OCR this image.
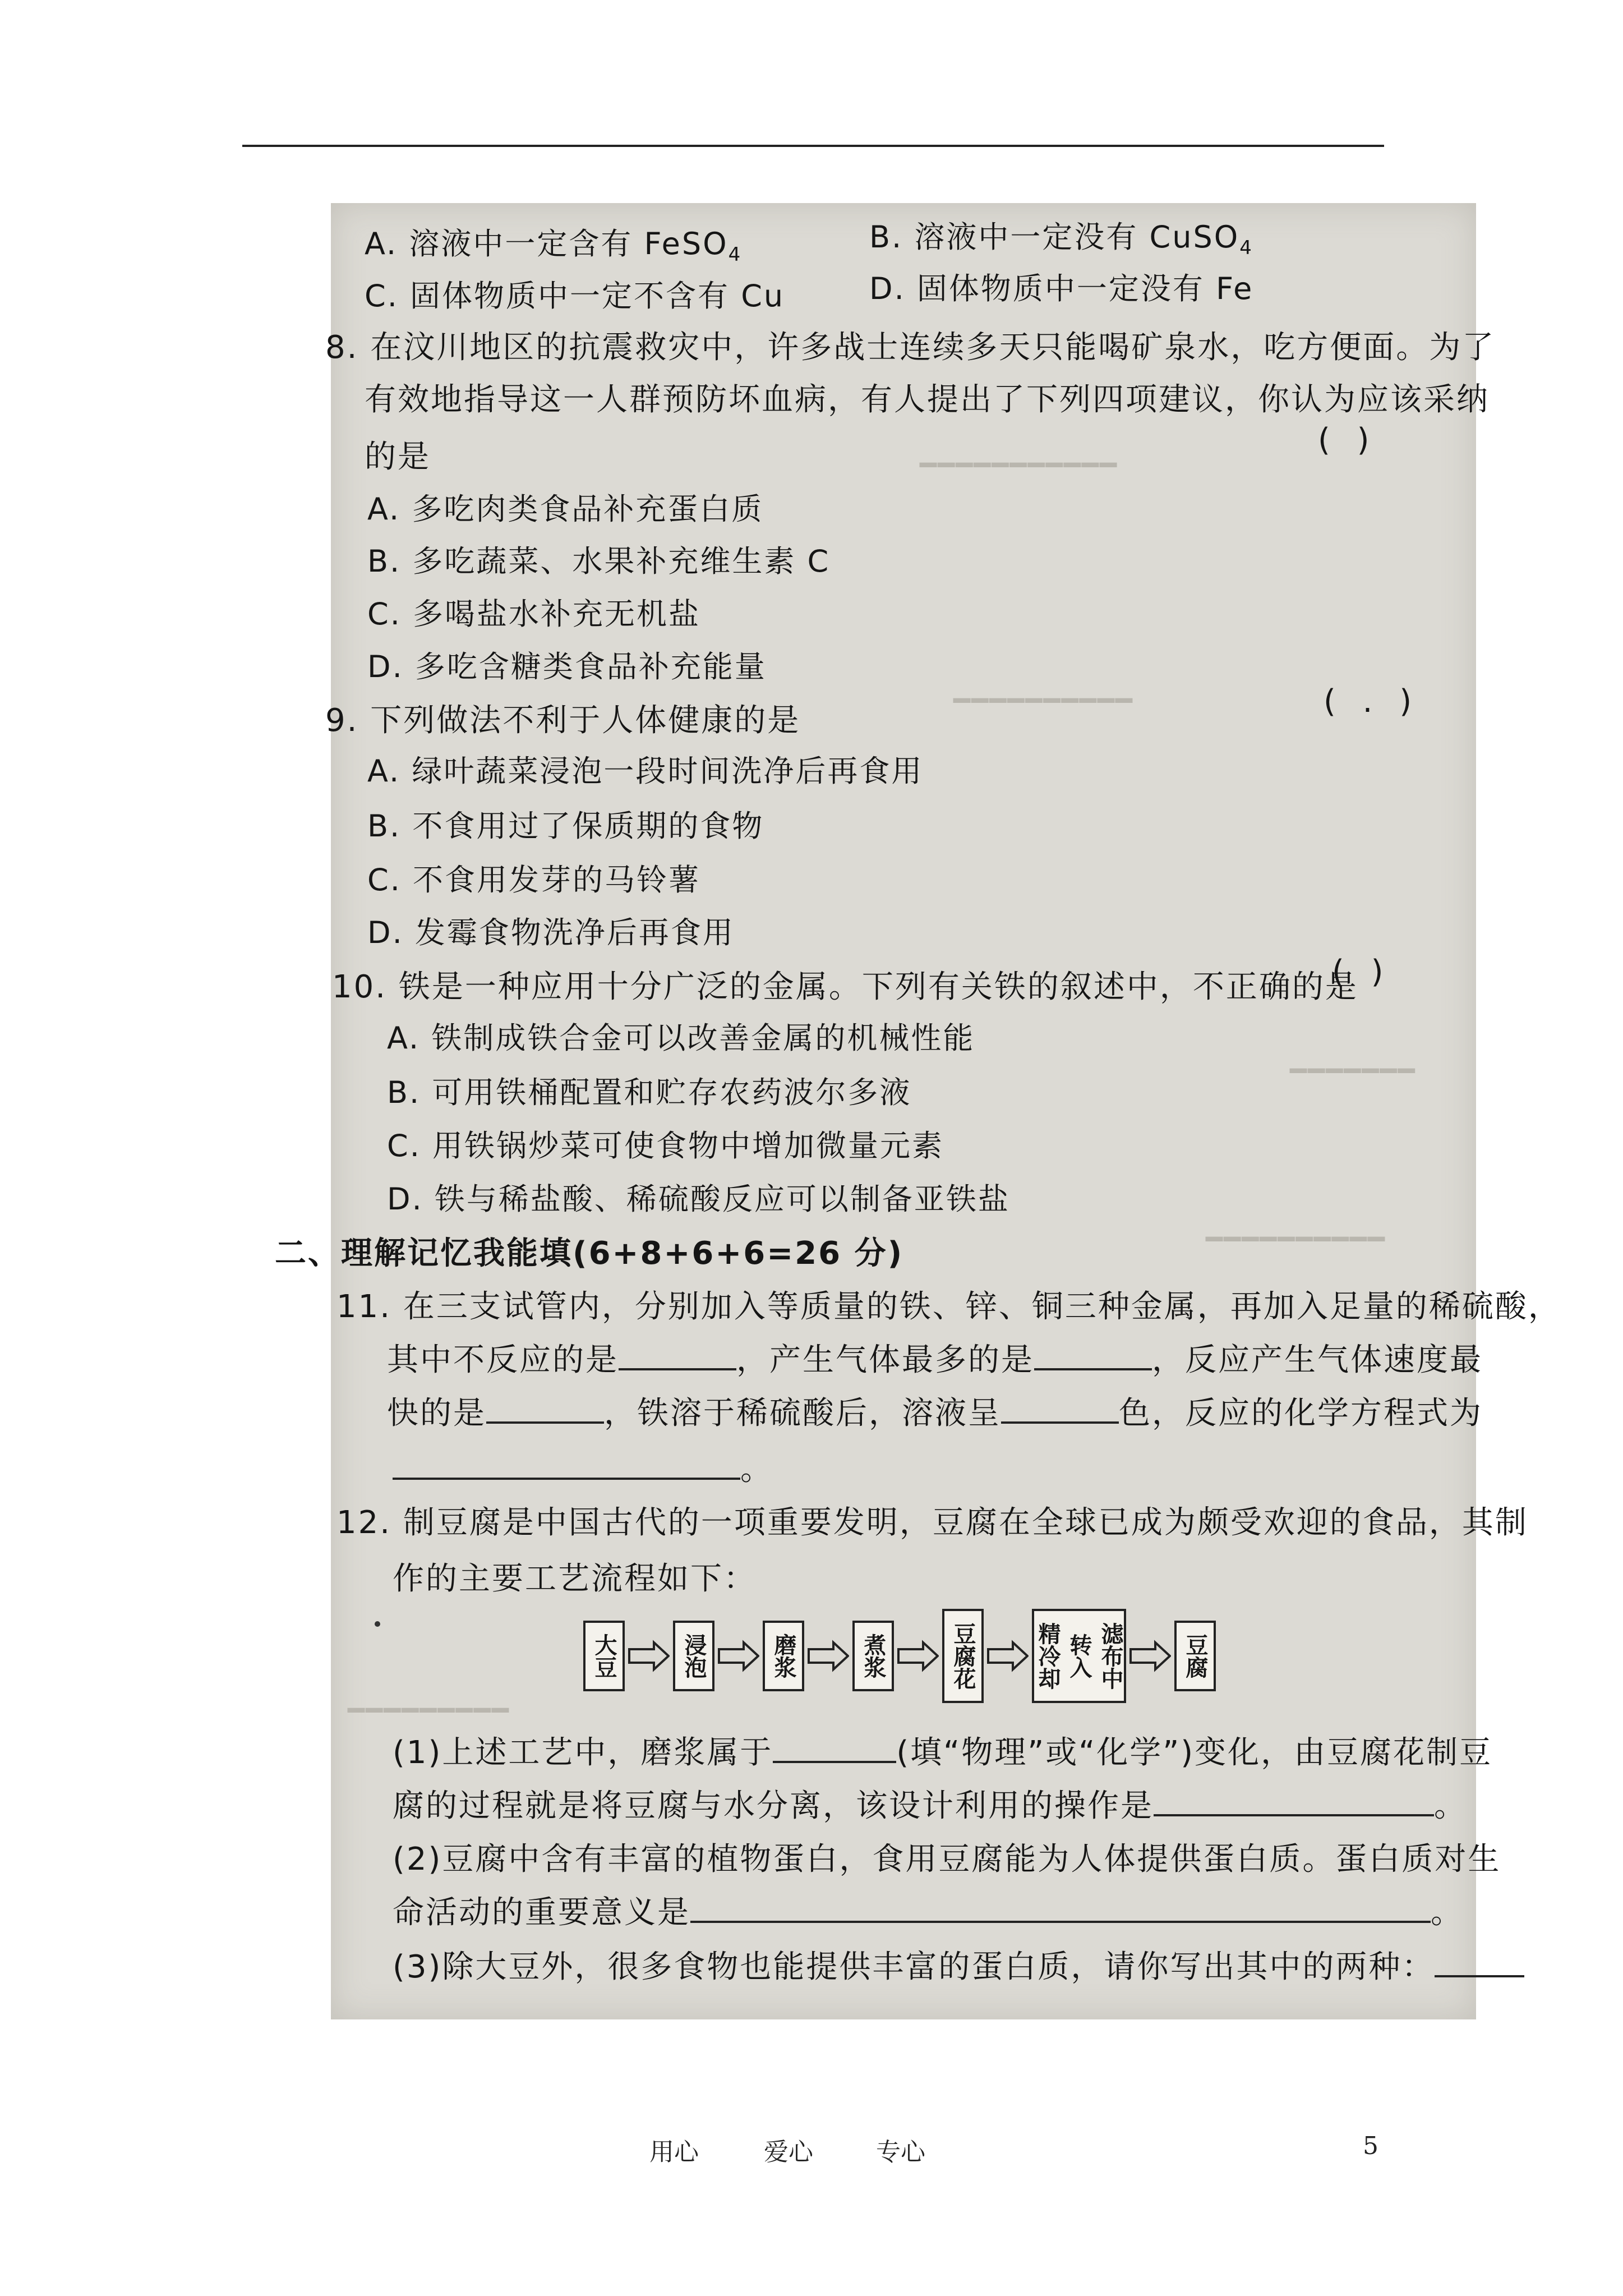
━━━━━━━━━━━
━━━━━━━━━━
━━━━━━━
━━━━━━━━━━
━━━━━━━━━
A. 溶液中一定含有 FeSO$_4$	B. 溶液中一定没有 CuSO$_4$
C. 固体物质中一定不含有 Cu	D. 固体物质中一定没有 Fe
8. 在汶川地区的抗震救灾中，许多战士连续多天只能喝矿泉水，吃方便面。为了
有效地指导这一人群预防坏血病，有人提出了下列四项建议，你认为应该采纳
的是	( )
A. 多吃肉类食品补充蛋白质
B. 多吃蔬菜、水果补充维生素 C
C. 多喝盐水补充无机盐
D. 多吃含糖类食品补充能量
9. 下列做法不利于人体健康的是
( . )
A. 绿叶蔬菜浸泡一段时间洗净后再食用
B. 不食用过了保质期的食物
C. 不食用发芽的马铃薯
D. 发霉食物洗净后再食用
10. 铁是一种应用十分广泛的金属。下列有关铁的叙述中，不正确的是
( )
A. 铁制成铁合金可以改善金属的机械性能
B. 可用铁桶配置和贮存农药波尔多液
C. 用铁锅炒菜可使食物中增加微量元素
D. 铁与稀盐酸、稀硫酸反应可以制备亚铁盐
二、理解记忆我能填(6+8+6+6=26 分)
11. 在三支试管内，分别加入等质量的铁、锌、铜三种金属，再加入足量的稀硫酸，
其中不反应的是	，产生气体最多的是	，反应产生气体速度最
快的是	，铁溶于稀硫酸后，溶液呈	色，反应的化学方程式为
。
12. 制豆腐是中国古代的一项重要发明，豆腐在全球已成为颇受欢迎的食品，其制
作的主要工艺流程如下：
大豆	浸泡	磨浆	煮浆	豆腐花	精冷却 转入 滤布中	豆腐
(1)上述工艺中，磨浆属于	(填“物理”或“化学”)变化，由豆腐花制豆
腐的过程就是将豆腐与水分离，该设计利用的操作是	。
(2)豆腐中含有丰富的植物蛋白，食用豆腐能为人体提供蛋白质。蛋白质对生
命活动的重要意义是	。
(3)除大豆外，很多食物也能提供丰富的蛋白质，请你写出其中的两种：
用心	爱心	专心	5
